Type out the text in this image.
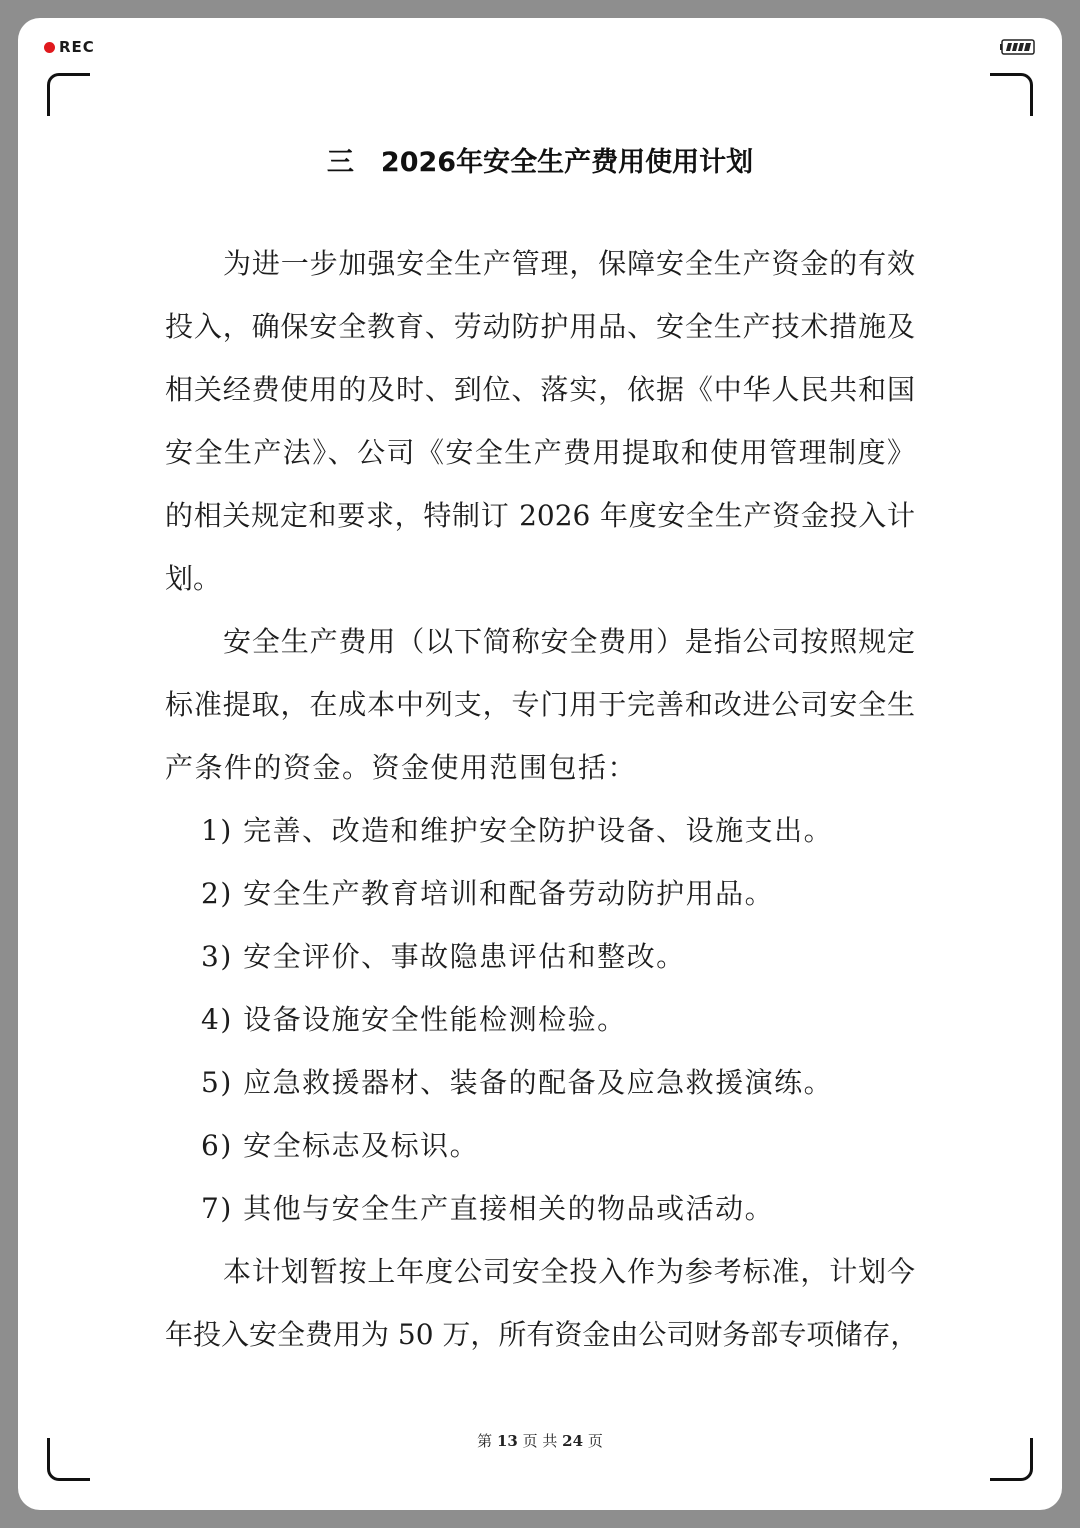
REC
三　2026年安全生产费用使用计划

为进一步加强安全生产管理，保障安全生产资金的有效

投入，确保安全教育、劳动防护用品、安全生产技术措施及

相关经费使用的及时、到位、落实，依据《中华人民共和国

安全生产法》、公司《安全生产费用提取和使用管理制度》

的相关规定和要求，特制订 2026 年度安全生产资金投入计

划。

安全生产费用（以下简称安全费用）是指公司按照规定

标准提取，在成本中列支，专门用于完善和改进公司安全生

产条件的资金。资金使用范围包括：

1) 完善、改造和维护安全防护设备、设施支出。

2) 安全生产教育培训和配备劳动防护用品。

3) 安全评价、事故隐患评估和整改。

4) 设备设施安全性能检测检验。

5) 应急救援器材、装备的配备及应急救援演练。

6) 安全标志及标识。

7) 其他与安全生产直接相关的物品或活动。

本计划暂按上年度公司安全投入作为参考标准，计划今

年投入安全费用为 50 万，所有资金由公司财务部专项储存，

第 13 页 共 24 页
